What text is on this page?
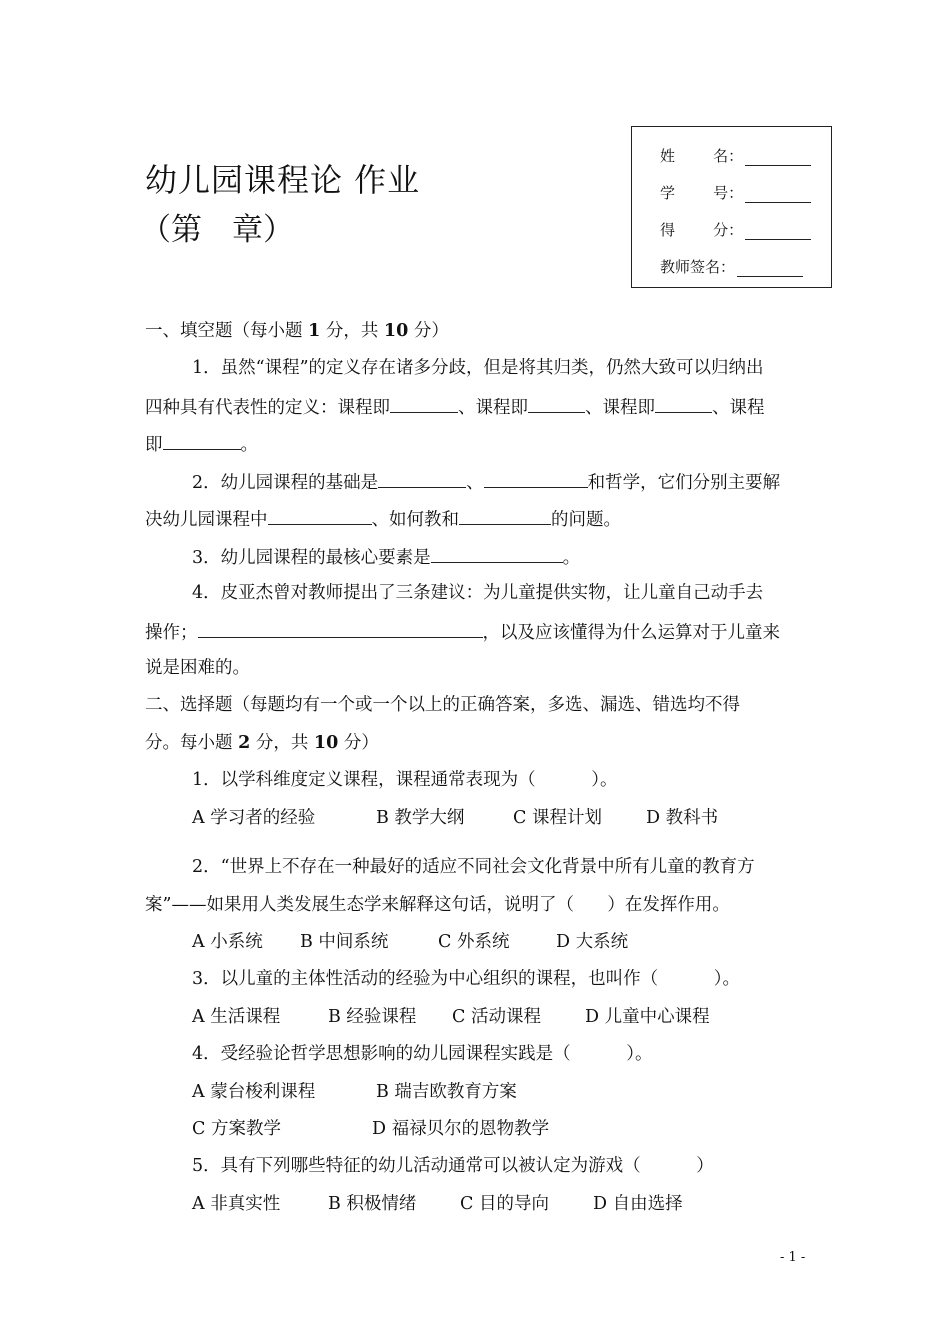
幼儿园课程论 作业
（第 章）
姓        名：
学        号：
得        分：
教师签名：
一、填空题（每小题 1 分，共 10 分）
1．虽然“课程”的定义存在诸多分歧，但是将其归类，仍然大致可以归纳出
四种具有代表性的定义：课程即	、课程即	、课程即	、课程
即	。
2．幼儿园课程的基础是	、	和哲学，它们分别主要解
决幼儿园课程中	、如何教和	的问题。
3．幼儿园课程的最核心要素是	。
4．皮亚杰曾对教师提出了三条建议：为儿童提供实物，让儿童自己动手去
操作；	，以及应该懂得为什么运算对于儿童来
说是困难的。
二、选择题（每题均有一个或一个以上的正确答案，多选、漏选、错选均不得
分。每小题 2 分，共 10 分）
1．以学科维度定义课程，课程通常表现为（          ）。
A 学习者的经验	B 教学大纲	C 课程计划	D 教科书
2．“世界上不存在一种最好的适应不同社会文化背景中所有儿童的教育方
案”——如果用人类发展生态学来解释这句话，说明了（      ）在发挥作用。
A 小系统 B 中间系统	C 外系统	D 大系统
3．以儿童的主体性活动的经验为中心组织的课程，也叫作（          ）。
A 生活课程	B 经验课程 C 活动课程	D 儿童中心课程
4．受经验论哲学思想影响的幼儿园课程实践是（          ）。
A 蒙台梭利课程	B 瑞吉欧教育方案
C 方案教学	D 福禄贝尔的恩物教学
5．具有下列哪些特征的幼儿活动通常可以被认定为游戏（          ）
A 非真实性	B 积极情绪 C 目的导向	D 自由选择
- 1 -
